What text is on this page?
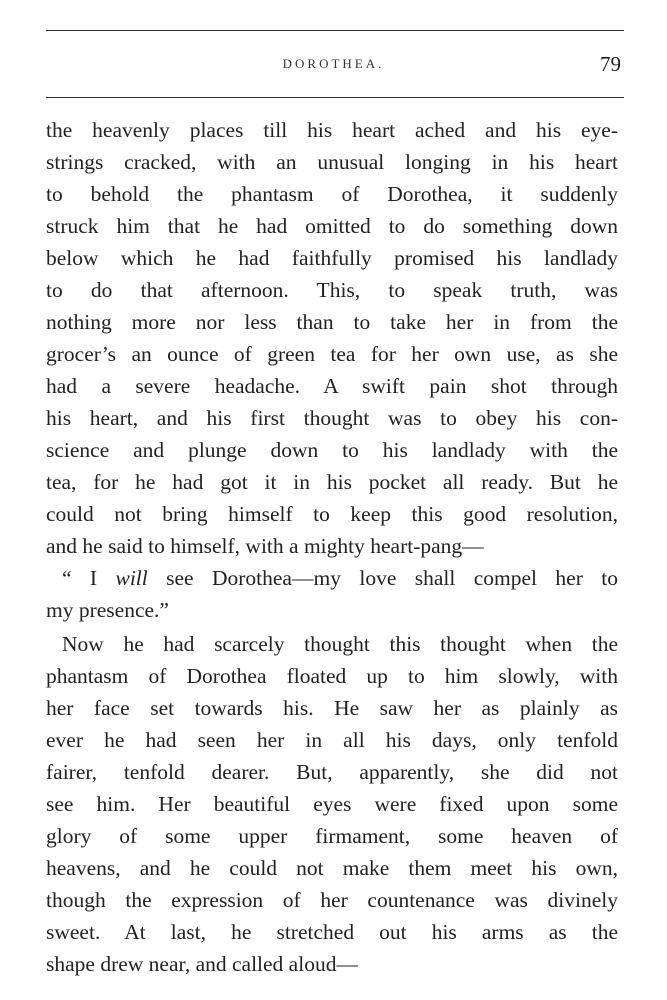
DOROTHEA.	79
the heavenly places till his heart ached and his eye-
strings cracked, with an unusual longing in his heart
to behold the phantasm of Dorothea, it suddenly
struck him that he had omitted to do something down
below which he had faithfully promised his landlady
to do that afternoon. This, to speak truth, was
nothing more nor less than to take her in from the
grocer’s an ounce of green tea for her own use, as she
had a severe headache. A swift pain shot through
his heart, and his first thought was to obey his con-
science and plunge down to his landlady with the
tea, for he had got it in his pocket all ready. But he
could not bring himself to keep this good resolution,
and he said to himself, with a mighty heart-pang—
“ I will see Dorothea—my love shall compel her to
my presence.”
Now he had scarcely thought this thought when the
phantasm of Dorothea floated up to him slowly, with
her face set towards his. He saw her as plainly as
ever he had seen her in all his days, only tenfold
fairer, tenfold dearer. But, apparently, she did not
see him. Her beautiful eyes were fixed upon some
glory of some upper firmament, some heaven of
heavens, and he could not make them meet his own,
though the expression of her countenance was divinely
sweet. At last, he stretched out his arms as the
shape drew near, and called aloud—
